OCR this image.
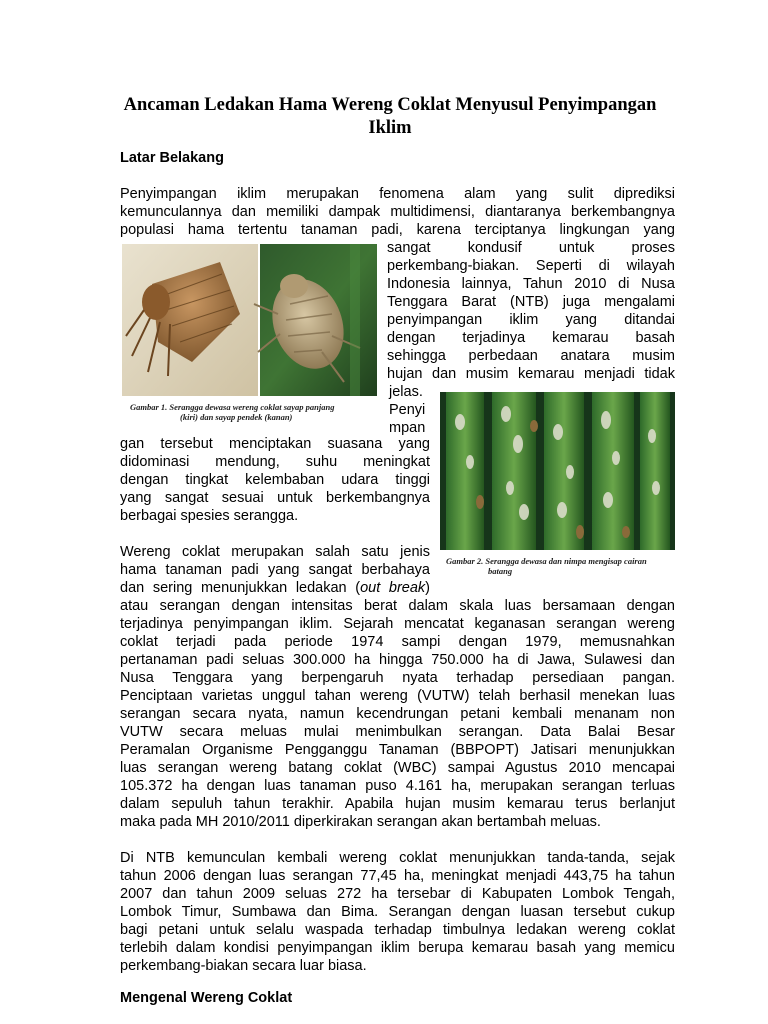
Ancaman Ledakan Hama Wereng Coklat Menyusul Penyimpangan Iklim
Latar Belakang
Penyimpangan iklim merupakan fenomena alam yang sulit diprediksi
kemunculannya dan memiliki dampak multidimensi, diantaranya berkembangnya
populasi hama tertentu tanaman padi, karena terciptanya lingkungan yang
Gambar 1. Serangga dewasa wereng coklat sayap panjang
(kiri) dan sayap pendek (kanan)
sangat kondusif untuk proses
perkembang-biakan. Seperti di wilayah
Indonesia lainnya, Tahun 2010 di Nusa
Tenggara Barat (NTB) juga mengalami
penyimpangan iklim yang ditandai
dengan terjadinya kemarau basah
sehingga perbedaan anatara musim
hujan dan musim kemarau menjadi tidak
jelas.
Penyi
mpan
Gambar 2. Serangga dewasa dan nimpa mengisap cairan
batang
gan tersebut menciptakan suasana yang
didominasi mendung, suhu meningkat
dengan tingkat kelembaban udara tinggi
yang sangat sesuai untuk berkembangnya
berbagai spesies serangga.
Wereng coklat merupakan salah satu jenis
hama tanaman padi yang sangat berbahaya
dan sering menunjukkan ledakan (out break)
atau serangan dengan intensitas berat dalam skala luas bersamaan dengan
terjadinya penyimpangan iklim. Sejarah mencatat keganasan serangan wereng
coklat terjadi pada periode 1974 sampi dengan 1979, memusnahkan
pertanaman padi seluas 300.000 ha hingga 750.000 ha di Jawa, Sulawesi dan
Nusa Tenggara yang berpengaruh nyata terhadap persediaan pangan.
Penciptaan varietas unggul tahan wereng (VUTW) telah berhasil menekan luas
serangan secara nyata, namun kecendrungan petani kembali menanam non
VUTW secara meluas mulai menimbulkan serangan. Data Balai Besar
Peramalan Organisme Pengganggu Tanaman (BBPOPT) Jatisari menunjukkan
luas serangan wereng batang coklat (WBC) sampai Agustus 2010 mencapai
105.372 ha dengan luas tanaman puso 4.161 ha, merupakan serangan terluas
dalam sepuluh tahun terakhir. Apabila hujan musim kemarau terus berlanjut
maka pada MH 2010/2011 diperkirakan serangan akan bertambah meluas.
Di NTB kemunculan kembali wereng coklat menunjukkan tanda-tanda, sejak
tahun 2006 dengan luas serangan 77,45 ha, meningkat menjadi 443,75 ha tahun
2007 dan tahun 2009 seluas 272 ha tersebar di Kabupaten Lombok Tengah,
Lombok Timur, Sumbawa dan Bima. Serangan dengan luasan tersebut cukup
bagi petani untuk selalu waspada terhadap timbulnya ledakan wereng coklat
terlebih dalam kondisi penyimpangan iklim berupa kemarau basah yang memicu
perkembang-biakan secara luar biasa.
Mengenal Wereng Coklat
